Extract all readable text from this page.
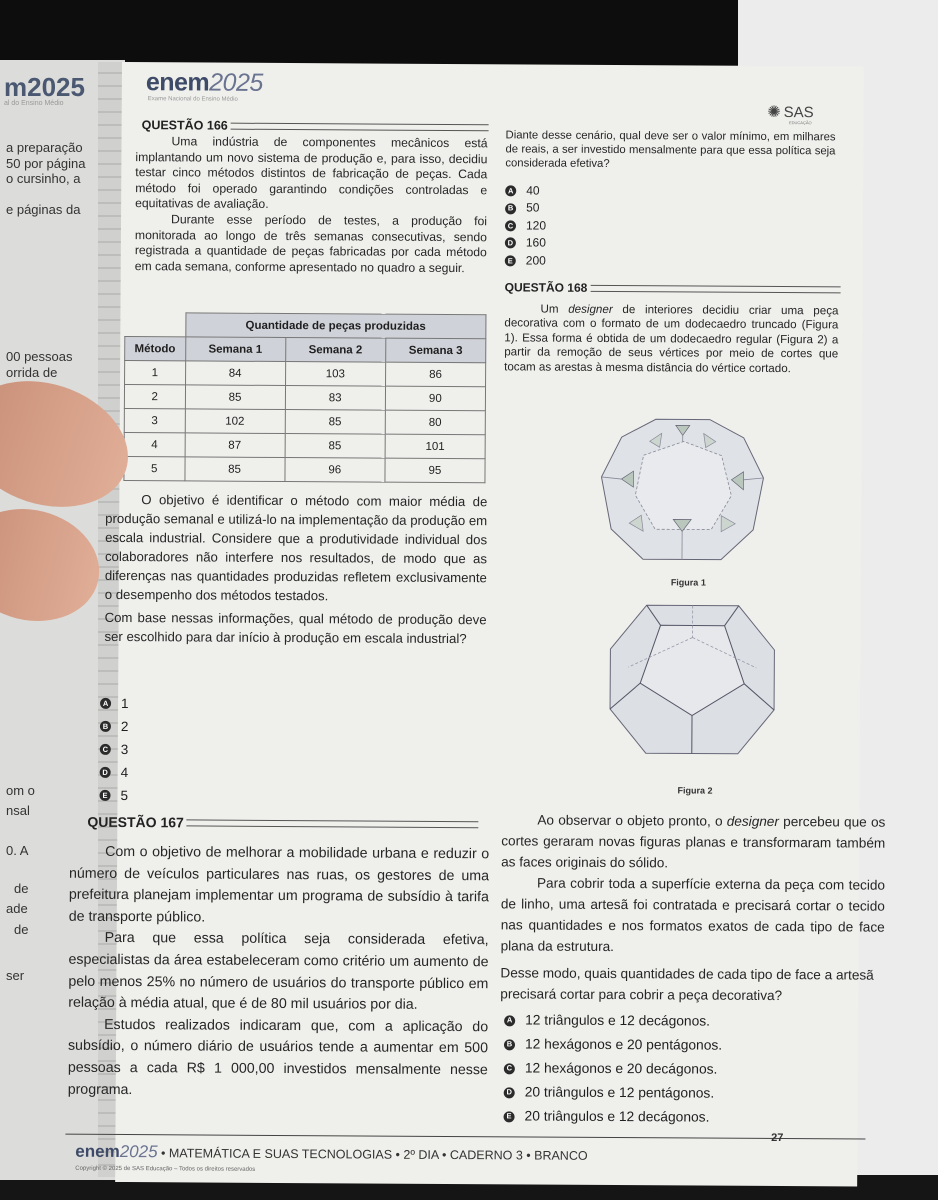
m2025
al do Ensino Médio
a preparação
50 por página
o cursinho, a
e páginas da
00 pessoas
orrida de
om o
nsal
0. A
de
ade
de
ser
enem2025
Exame Nacional do Ensino Médio
✺ SAS
EDUCAÇÃO
QUESTÃO 166

Uma indústria de componentes mecânicos está implantando um novo sistema de produção e, para isso, decidiu testar cinco métodos distintos de fabricação de peças. Cada método foi operado garantindo condições controladas e equitativas de avaliação.

Durante esse período de testes, a produção foi monitorada ao longo de três semanas consecutivas, sendo registrada a quantidade de peças fabricadas por cada método em cada semana, conforme apresentado no quadro a seguir.

	Quantidade de peças produzidas		
Método	Semana 1	Semana 2	Semana 3
1	84	103	86
2	85	83	90
3	102	85	80
4	87	85	101
5	85	96	95

O objetivo é identificar o método com maior média de produção semanal e utilizá-lo na implementação da produção em escala industrial. Considere que a produtividade individual dos colaboradores não interfere nos resultados, de modo que as diferenças nas quantidades produzidas refletem exclusivamente o desempenho dos métodos testados.

Com base nessas informações, qual método de produção deve ser escolhido para dar início à produção em escala industrial?

A 1
B 2
C 3
D 4
E 5
QUESTÃO 167

Com o objetivo de melhorar a mobilidade urbana e reduzir o número de veículos particulares nas ruas, os gestores de uma prefeitura planejam implementar um programa de subsídio à tarifa de transporte público.

Para que essa política seja considerada efetiva, especialistas da área estabeleceram como critério um aumento de pelo menos 25% no número de usuários do transporte público em relação à média atual, que é de 80 mil usuários por dia.

Estudos realizados indicaram que, com a aplicação do subsídio, o número diário de usuários tende a aumentar em 500 pessoas a cada R$ 1 000,00 investidos mensalmente nesse programa.

Diante desse cenário, qual deve ser o valor mínimo, em milhares de reais, a ser investido mensalmente para que essa política seja considerada efetiva?

A 40
B 50
C 120
D 160
E 200
QUESTÃO 168

Um designer de interiores decidiu criar uma peça decorativa com o formato de um dodecaedro truncado (Figura 1). Essa forma é obtida de um dodecaedro regular (Figura 2) a partir da remoção de seus vértices por meio de cortes que tocam as arestas à mesma distância do vértice cortado.

Figura 1
Figura 2

Ao observar o objeto pronto, o designer percebeu que os cortes geraram novas figuras planas e transformaram também as faces originais do sólido.

Para cobrir toda a superfície externa da peça com tecido de linho, uma artesã foi contratada e precisará cortar o tecido nas quantidades e nos formatos exatos de cada tipo de face plana da estrutura.

Desse modo, quais quantidades de cada tipo de face a artesã precisará cortar para cobrir a peça decorativa?

A 12 triângulos e 12 decágonos.
B 12 hexágonos e 20 pentágonos.
C 12 hexágonos e 20 decágonos.
D 20 triângulos e 12 pentágonos.
E 20 triângulos e 12 decágonos.
27
enem2025 • MATEMÁTICA E SUAS TECNOLOGIAS • 2º DIA • CADERNO 3 • BRANCO
Copyright © 2025 de SAS Educação – Todos os direitos reservados
